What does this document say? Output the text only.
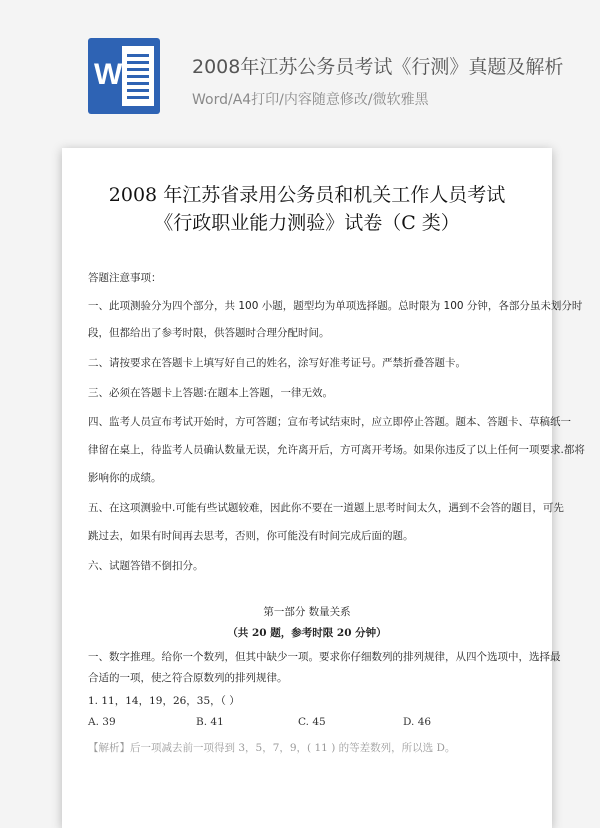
W	2008年江苏公务员考试《行测》真题及解析
Word/A4打印/内容随意修改/微软雅黑
2008 年江苏省录用公务员和机关工作人员考试
《行政职业能力测验》试卷（C 类）
答题注意事项：
一、此项测验分为四个部分，共 100 小题，题型均为单项选择题。总时限为 100 分钟，各部分虽未划分时
段，但都给出了参考时限，供答题时合理分配时间。
二、请按要求在答题卡上填写好自己的姓名，涂写好准考证号。严禁折叠答题卡。
三、必须在答题卡上答题:在题本上答题，一律无效。
四、监考人员宣布考试开始时，方可答题；宣布考试结束时，应立即停止答题。题本、答题卡、草稿纸一
律留在桌上，待监考人员确认数量无误，允许离开后，方可离开考场。如果你违反了以上任何一项要求.都将
影响你的成绩。
五、在这项测验中.可能有些试题较难，因此你不要在一道题上思考时间太久，遇到不会答的题目，可先
跳过去，如果有时间再去思考，否则，你可能没有时间完成后面的题。
六、试题答错不倒扣分。
第一部分 数量关系
（共 20 题，参考时限 20 分钟）
一、数字推理。给你一个数列，但其中缺少一项。要求你仔细数列的排列规律，从四个选项中，选择最
合适的一项，使之符合原数列的排列规律。
1. 11，14，19，26，35，（ ）
A. 39	B. 41	C. 45	D. 46
【解析】后一项减去前一项得到 3，5，7，9，( 11 ) 的等差数列，所以选 D。
